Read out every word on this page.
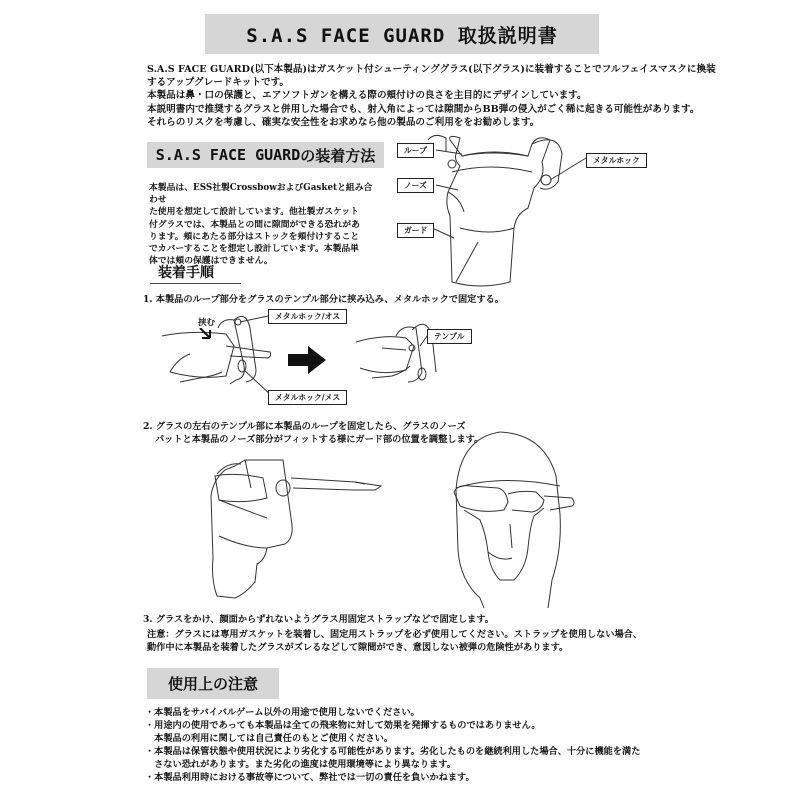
S.A.S FACE GUARD 取扱説明書

S.A.S FACE GUARD(以下本製品)はガスケット付シューティンググラス(以下グラス)に装着することでフルフェイスマスクに換装

するアップグレードキットです。

本製品は鼻・口の保護と、エアソフトガンを構える際の頬付けの良さを主目的にデザインしています。

本説明書内で推奨するグラスと併用した場合でも、射入角によっては隙間からBB弾の侵入がごく稀に起きる可能性があります。

それらのリスクを考慮し、確実な安全性をお求めなら他の製品のご利用ををお勧めします。

S.A.S FACE GUARD の装着方法

本製品は、ESS社製CrossbowおよびGasketと組み合わせ

た使用を想定して設計しています。他社製ガスケット

付グラスでは、本製品との間に隙間ができる恐れがあ

ります。頬にあたる部分はストックを頬付けすること

でカバーすることを想定し設計しています。本製品単

体では頬の保護はできません。

ループ
ノーズ
ガード
メタルホック
装着手順
1. 本製品のループ部分をグラスのテンプル部分に挟み込み、メタルホックで固定する。
挟む
メタルホック/オス
メタルホック/メス
テンプル
2. グラスの左右のテンプル部に本製品のループを固定したら、グラスのノーズ
パットと本製品のノーズ部分がフィットする様にガード部の位置を調整します。
3. グラスをかけ、顔面からずれないようグラス用固定ストラップなどで固定します。

注意：グラスには専用ガスケットを装着し、固定用ストラップを必ず使用してください。ストラップを使用しない場合、

動作中に本製品を装着したグラスがズレるなどして隙間ができ、意図しない被弾の危険性があります。

使用上の注意

・本製品をサバイバルゲーム以外の用途で使用しないでください。

・用途内の使用であっても本製品は全ての飛来物に対して効果を発揮するものではありません。

　本製品の利用に関しては自己責任のもとご使用ください。

・本製品は保管状態や使用状況により劣化する可能性があります。劣化したものを継続利用した場合、十分に機能を満た

　さない恐れがあります。また劣化の進度は使用環境等により異なります。

・本製品利用時における事故等について、弊社では一切の責任を負いかねます。
